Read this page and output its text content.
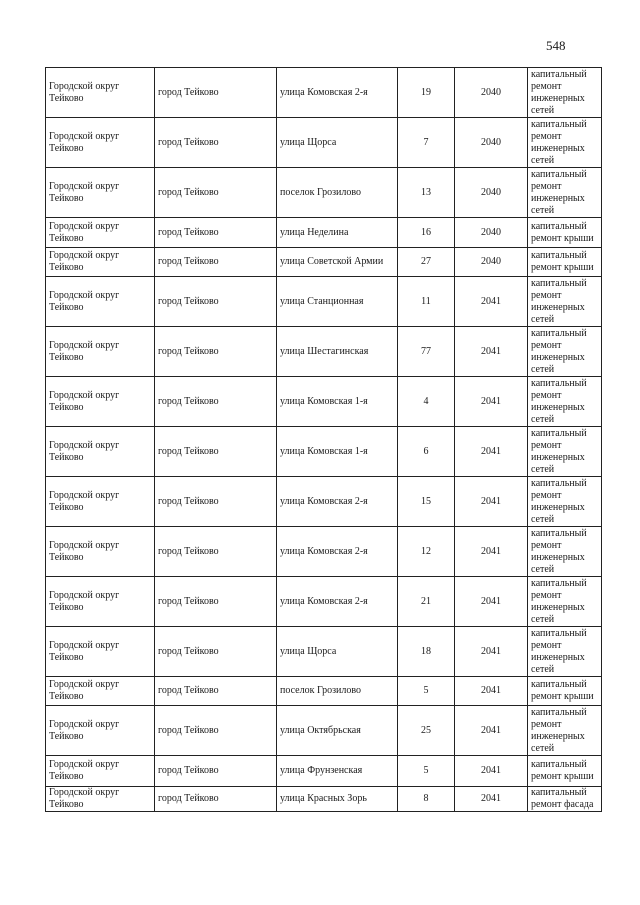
548
Городской округ Тейково	город Тейково	улица Комовская 2-я	19	2040	капитальный ремонт инженерных сетей
Городской округ Тейково	город Тейково	улица Щорса	7	2040	капитальный ремонт инженерных сетей
Городской округ Тейково	город Тейково	поселок Грозилово	13	2040	капитальный ремонт инженерных сетей
Городской округ Тейково	город Тейково	улица Неделина	16	2040	капитальный ремонт крыши
Городской округ Тейково	город Тейково	улица Советской Армии	27	2040	капитальный ремонт крыши
Городской округ Тейково	город Тейково	улица Станционная	11	2041	капитальный ремонт инженерных сетей
Городской округ Тейково	город Тейково	улица Шестагинская	77	2041	капитальный ремонт инженерных сетей
Городской округ Тейково	город Тейково	улица Комовская 1-я	4	2041	капитальный ремонт инженерных сетей
Городской округ Тейково	город Тейково	улица Комовская 1-я	6	2041	капитальный ремонт инженерных сетей
Городской округ Тейково	город Тейково	улица Комовская 2-я	15	2041	капитальный ремонт инженерных сетей
Городской округ Тейково	город Тейково	улица Комовская 2-я	12	2041	капитальный ремонт инженерных сетей
Городской округ Тейково	город Тейково	улица Комовская 2-я	21	2041	капитальный ремонт инженерных сетей
Городской округ Тейково	город Тейково	улица Щорса	18	2041	капитальный ремонт инженерных сетей
Городской округ Тейково	город Тейково	поселок Грозилово	5	2041	капитальный ремонт крыши
Городской округ Тейково	город Тейково	улица Октябрьская	25	2041	капитальный ремонт инженерных сетей
Городской округ Тейково	город Тейково	улица Фрунзенская	5	2041	капитальный ремонт крыши
Городской округ Тейково	город Тейково	улица Красных Зорь	8	2041	капитальный ремонт фасада
